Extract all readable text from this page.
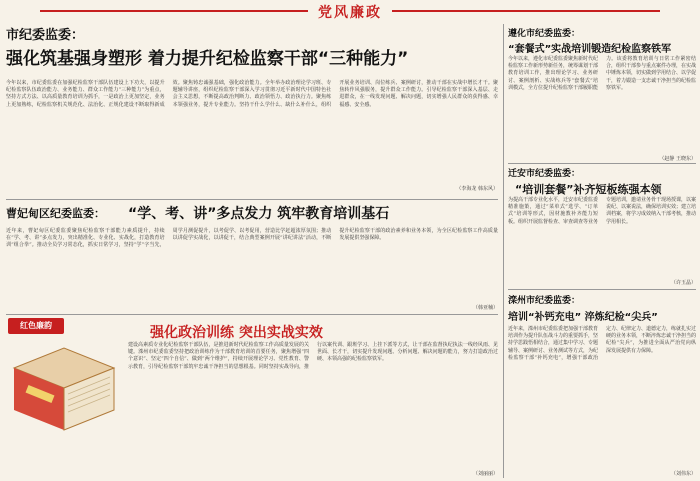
党风廉政
市纪委监委：
强化筑基强身塑形 着力提升纪检监察干部“三种能力”
今年以来，市纪委监委在加强纪检监察干部队伍建设上下功夫，以提升纪检监察队伍政治能力、业务能力、群众工作能力“三种能力”为重点，坚持方式方法、以高质量教育培训为抓手，一是政治上更加坚定，业务上更加熟练，纪检监察机关规范化、法治化、正规化建设不断取得新成效。聚焦铸忠诚强基础，强化政治能力。全年举办政治理论学习班、专题辅导讲座，组织纪检监察干部深入学习贯彻习近平新时代中国特色社会主义思想，不断提高政治判断力、政治领悟力、政治执行力。聚焦练本领强业务，提升专业能力。坚持干什么学什么、缺什么补什么，组织开展业务培训、岗位练兵、案例研讨，推动干部在实战中增长才干。聚焦转作风强服务，提升群众工作能力。引导纪检监察干部深入基层、走进群众，在一线发现问题、解决问题，切实增强人民群众的获得感、幸福感、安全感。
（李海龙 韩东风）
曹妃甸区纪委监委： “学、考、讲”多点发力 筑牢教育培训基石
近年来，曹妃甸区纪委监委聚焦纪检监察干部能力素质提升，持续在“学、考、讲”多点发力，突出精准化、专业化、实战化，打造教育培训“组合拳”。推动全员学习常态化，抓实日常学习，坚持“学”字当先，周学月测促提升，以考促学、以考促用，营造比学赶超浓厚氛围；推动以讲促学实战化，以讲促干，结合典型案例开展“讲纪讲法”活动，不断提升纪检监察干部的政治素养和业务本领，为全区纪检监察工作高质量发展提供坚强保障。
（韩亚楠）
红色廉韵	强化政治训练 突出实战实效
建设高素质专业化纪检监察干部队伍，是推进新时代纪检监察工作高质量发展的关键。滦州市纪委监委坚持把政治训练作为干部教育培训的首要任务，聚焦增强“四个意识”、坚定“四个自信”、做到“两个维护”，持续开展理论学习、党性教育、警示教育，引导纪检监察干部筑牢忠诚干净担当的思想根基。同时坚持实战导向，推行以案代训、跟班学习、上挂下派等方式，让干部在监督执纪执法一线经风雨、见世面、长才干，切实提升发现问题、分析问题、解决问题的能力，努力打造政治过硬、本领高强的纪检监察铁军。
（刘丽丽）
遵化市纪委监委：
“套餐式”实战培训锻造纪检监察铁军
今年以来，遵化市纪委监委聚焦新时代纪检监察工作新形势新任务，统筹谋划干部教育培训工作，推出理论学习、业务研讨、案例剖析、实战练兵等“套餐式”培训模式，全方位提升纪检监察干部履职能力。该委将教育培训与日常工作紧密结合，组织干部参与重点案件办理，在实战中锤炼本领，切实做到学用结合、以学促干，着力锻造一支忠诚干净担当的纪检监察铁军。
（赵静 王晓东）
迁安市纪委监委：
“培训套餐”补齐短板练强本领
为提高干部专业化水平，迁安市纪委监委精准施策，通过“菜单式”选学、“订单式”培训等形式，因材施教补齐能力短板。组织开展监督检查、审查调查等业务专题培训，邀请业务骨干现场授课，以案说纪、以案说法，确保培训实效；建立培训档案，将学习成效纳入干部考核，推动学用相长。
（许玉晶）
滦州市纪委监委：
培训“补钙充电” 淬炼纪检“尖兵”
近年来，滦州市纪委监委把加强干部教育培训作为提升队伍战斗力的重要抓手，坚持学思践悟相结合，通过集中学习、专题辅导、案例研讨、业务测试等方式，为纪检监察干部“补钙充电”，增强干部政治定力、纪律定力、道德定力，练就扎实过硬的业务本领，不断淬炼忠诚干净担当的纪检“尖兵”，为推进全面从严治党向纵深发展提供有力保障。
（刘伟东）
